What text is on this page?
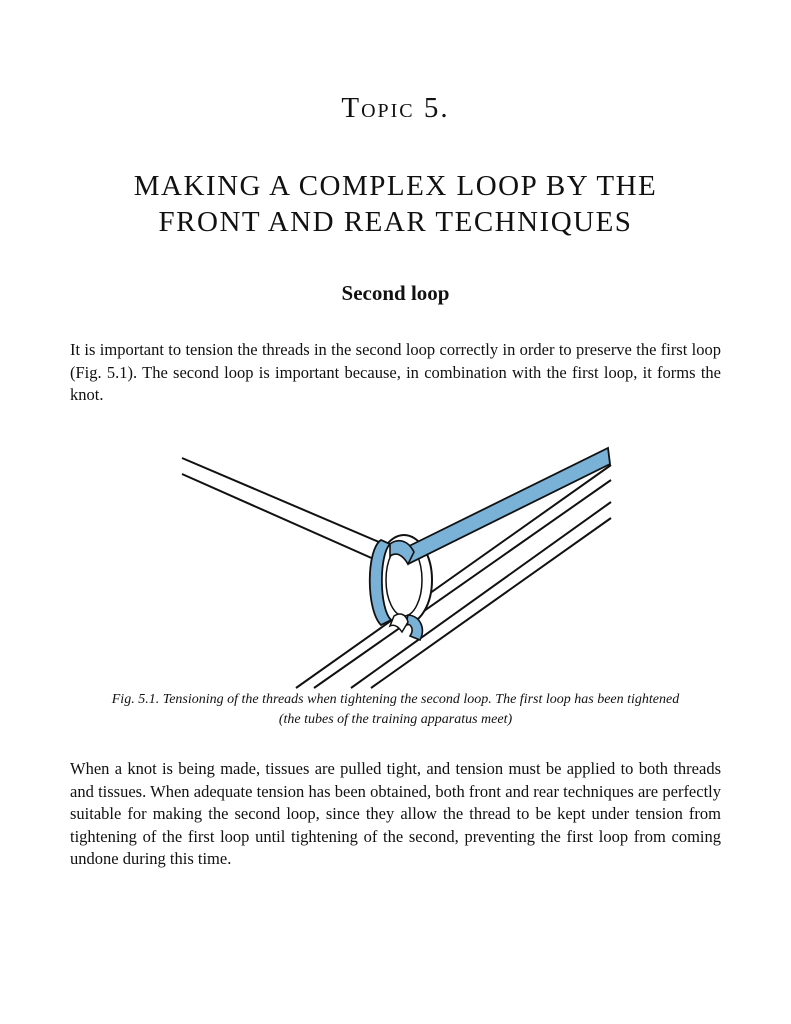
Topic 5.
MAKING A COMPLEX LOOP BY THE
FRONT AND REAR TECHNIQUES
Second loop

It is important to tension the threads in the second loop correctly in order to preserve the first loop (Fig. 5.1). The second loop is important because, in combination with the first loop, it forms the knot.

Fig. 5.1. Tensioning of the threads when tightening the second loop. The first loop has been tightened
(the tubes of the training apparatus meet)

When a knot is being made, tissues are pulled tight, and tension must be applied to both threads and tissues. When adequate tension has been obtained, both front and rear techniques are perfectly suitable for making the second loop, since they allow the thread to be kept under tension from tightening of the first loop until tightening of the second, preventing the first loop from coming undone during this time.
